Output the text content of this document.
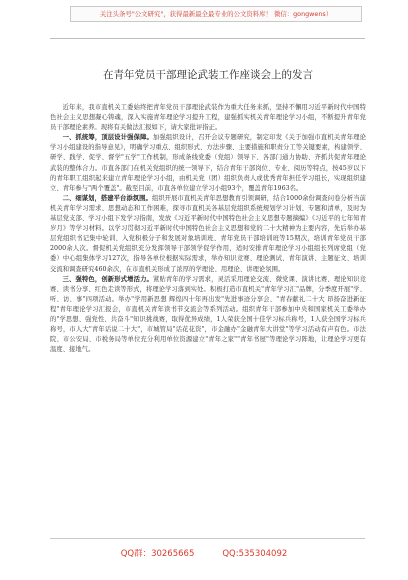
关注头条号"公文研究"，获得最新最全最专业的公文资料库！ 微信：gongwens）
在青年党员干部理论武装工作座谈会上的发言

近年来，我市直机关工委始终把青年党员干部理论武装作为重大任务来抓，坚持不懈用习近平新时代中国特色社会主义思想凝心铸魂，深入实施青年理论学习提升工程，建强抓实机关青年理论学习小组，不断提升青年党员干部理论素养。现将有关做法汇报如下，请大家批评指正。

一、抓统筹，顶层设计强保障。加强组织设计，召开会议专题研究，制定印发《关于加强市直机关青年理论学习小组建设的指导意见》，明确学习重点、组织形式、方法步骤、主要措施和职责分工等关键要素，构建领学、研学、践学、促学、督学"五学"工作机制，形成条线党委（党组）领导下、各部门通力协助、齐抓共促青年理论武装的整体合力。市直各部门在机关党组织的统一领导下，结合青年干部岗位、专业、阅历等特点，按45岁以下的青年职工组织起来建立青年理论学习小组，由机关党（团）组织负责人或优秀青年担任学习组长，实现组织建立、青年参与"两个覆盖"。截至目前，市直各单位建立学习小组93个，覆盖青年1963名。

二、细谋划，搭建平台添氛围。组织开展市直机关青年思想教育引领调研，结合1000余份调查问卷分析当前机关青年学习需求、思想动态和工作困难，探寻市直机关各基层党组织系统规划学习计划、专题和清单，及时为基层党支部、学习小组下发学习指南，发放《习近平新时代中国特色社会主义思想专题摘编》《习近平的七年知青岁月》等学习材料。以学习贯彻习近平新时代中国特色社会主义思想和党的二十大精神为主要内容，先后举办基层党组织书记集中轮训、入党积极分子和发展对象培训班、青年党员干部培训班等15期次，培训青年党员干部2000余人次。督促机关党组织充分发挥领导干部领学促学作用，适时安排青年理论学习小组组长列席党组（党委）中心组集体学习127次，指导各单位根据实际需求，举办知识竞赛、理论测试、青年演讲、主题征文、培训交流和调查研究460余次，在市直机关形成了浓厚的学理论、用理论、讲理论氛围。

三、强特色，创新形式增活力。紧贴青年的学习需求，灵活采用理论交流、微党课、演讲比赛、理论知识竞赛、读书分享、红色走读等形式，将理论学习落到实处。积极打造市直机关"青年学习汇"品牌，分季度开展"学、听、访、事"四项活动。举办"学用新思想 辉煌四十年再出发"先进事迹分享会、"青春献礼二十大 昂扬奋进新征程"青年理论学习汇报会，市直机关青年读书节交流会等系列活动。组织青年干部参加中央和国家机关工委举办的"学思想、强党性、共奋斗"知识挑战赛，取得优异成绩，1人荣获全国十佳学习标兵称号，1人获全国学习标兵称号，市人大"青年话说二十大"，市城管局"话花花资"，市金融办"金融青年大讲堂"等学习活动有声有色。市法院、市公安局、市税务局等单位充分利用单位资源建立"青年之家""青年书屋"等理论学习阵地，让理论学习更有温度、接地气。

QQ群：30265665	QQ:535304092
